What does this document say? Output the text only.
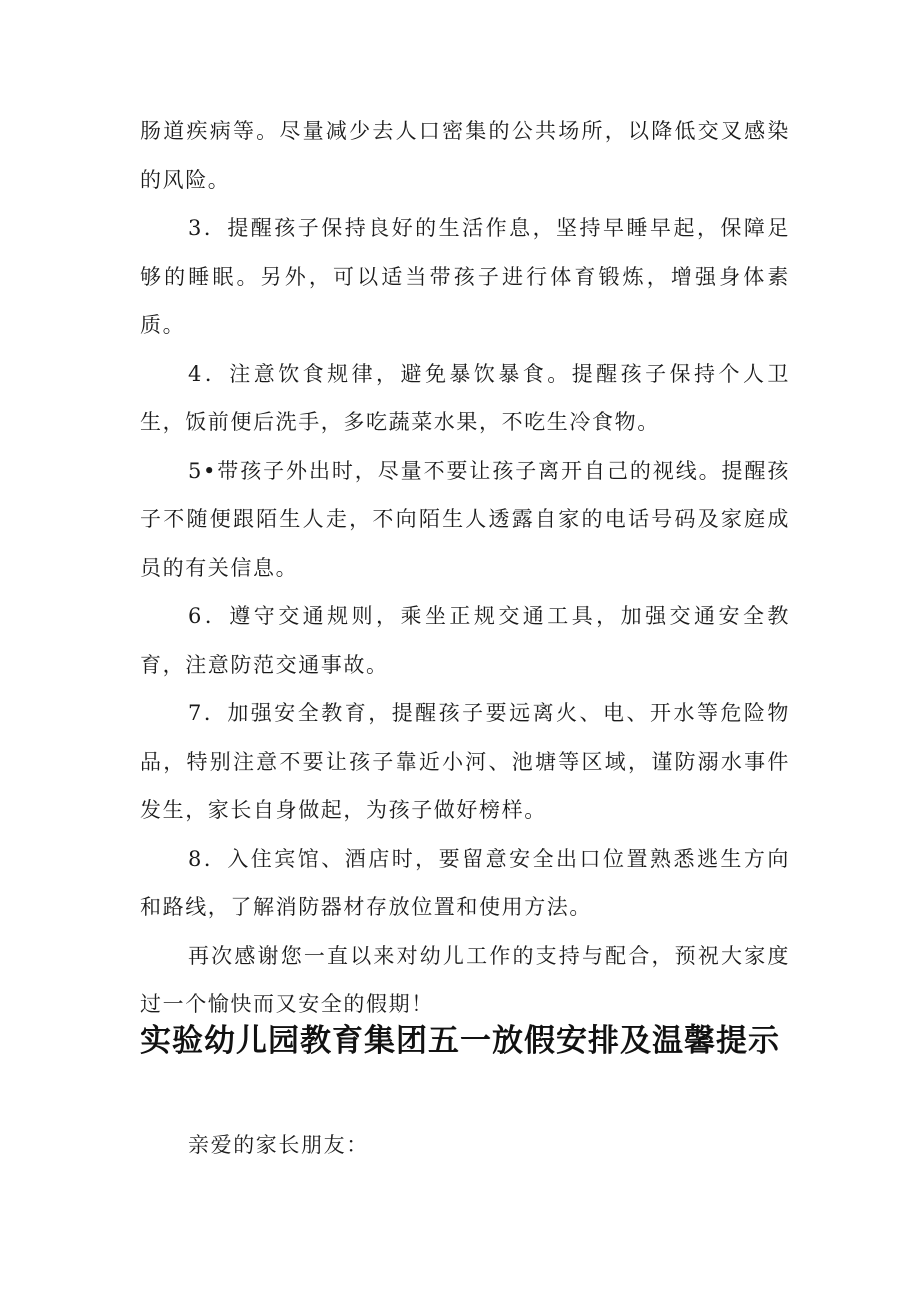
肠道疾病等。尽量减少去人口密集的公共场所，以降低交叉感染的风险。

3．提醒孩子保持良好的生活作息，坚持早睡早起，保障足够的睡眠。另外，可以适当带孩子进行体育锻炼，增强身体素质。

4．注意饮食规律，避免暴饮暴食。提醒孩子保持个人卫生，饭前便后洗手，多吃蔬菜水果，不吃生冷食物。

5•带孩子外出时，尽量不要让孩子离开自己的视线。提醒孩子不随便跟陌生人走，不向陌生人透露自家的电话号码及家庭成员的有关信息。

6．遵守交通规则，乘坐正规交通工具，加强交通安全教育，注意防范交通事故。

7．加强安全教育，提醒孩子要远离火、电、开水等危险物品，特别注意不要让孩子靠近小河、池塘等区域，谨防溺水事件发生，家长自身做起，为孩子做好榜样。

8．入住宾馆、酒店时，要留意安全出口位置熟悉逃生方向和路线，了解消防器材存放位置和使用方法。

再次感谢您一直以来对幼儿工作的支持与配合，预祝大家度过一个愉快而又安全的假期！

实验幼儿园教育集团五一放假安排及温馨提示

亲爱的家长朋友：
